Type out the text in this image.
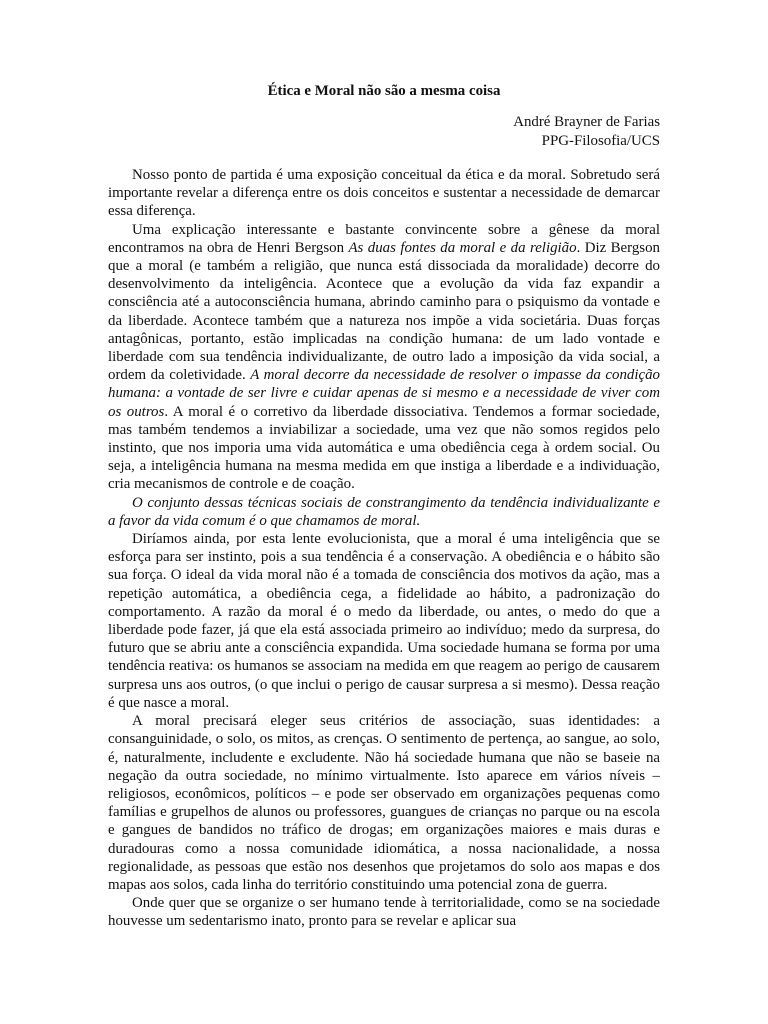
Ética e Moral não são a mesma coisa
André Brayner de Farias
PPG-Filosofia/UCS

Nosso ponto de partida é uma exposição conceitual da ética e da moral. Sobretudo será importante revelar a diferença entre os dois conceitos e sustentar a necessidade de demarcar essa diferença.

Uma explicação interessante e bastante convincente sobre a gênese da moral encontramos na obra de Henri Bergson As duas fontes da moral e da religião. Diz Bergson que a moral (e também a religião, que nunca está dissociada da moralidade) decorre do desenvolvimento da inteligência. Acontece que a evolução da vida faz expandir a consciência até a autoconsciência humana, abrindo caminho para o psiquismo da vontade e da liberdade. Acontece também que a natureza nos impõe a vida societária. Duas forças antagônicas, portanto, estão implicadas na condição humana: de um lado vontade e liberdade com sua tendência individualizante, de outro lado a imposição da vida social, a ordem da coletividade. A moral decorre da necessidade de resolver o impasse da condição humana: a vontade de ser livre e cuidar apenas de si mesmo e a necessidade de viver com os outros. A moral é o corretivo da liberdade dissociativa. Tendemos a formar sociedade, mas também tendemos a inviabilizar a sociedade, uma vez que não somos regidos pelo instinto, que nos imporia uma vida automática e uma obediência cega à ordem social. Ou seja, a inteligência humana na mesma medida em que instiga a liberdade e a individuação, cria mecanismos de controle e de coação.

O conjunto dessas técnicas sociais de constrangimento da tendência individualizante e a favor da vida comum é o que chamamos de moral.

Diríamos ainda, por esta lente evolucionista, que a moral é uma inteligência que se esforça para ser instinto, pois a sua tendência é a conservação. A obediência e o hábito são sua força. O ideal da vida moral não é a tomada de consciência dos motivos da ação, mas a repetição automática, a obediência cega, a fidelidade ao hábito, a padronização do comportamento. A razão da moral é o medo da liberdade, ou antes, o medo do que a liberdade pode fazer, já que ela está associada primeiro ao indivíduo; medo da surpresa, do futuro que se abriu ante a consciência expandida. Uma sociedade humana se forma por uma tendência reativa: os humanos se associam na medida em que reagem ao perigo de causarem surpresa uns aos outros, (o que inclui o perigo de causar surpresa a si mesmo). Dessa reação é que nasce a moral.

A moral precisará eleger seus critérios de associação, suas identidades: a consanguinidade, o solo, os mitos, as crenças. O sentimento de pertença, ao sangue, ao solo, é, naturalmente, includente e excludente. Não há sociedade humana que não se baseie na negação da outra sociedade, no mínimo virtualmente. Isto aparece em vários níveis – religiosos, econômicos, políticos – e pode ser observado em organizações pequenas como famílias e grupelhos de alunos ou professores, guangues de crianças no parque ou na escola e gangues de bandidos no tráfico de drogas; em organizações maiores e mais duras e duradouras como a nossa comunidade idiomática, a nossa nacionalidade, a nossa regionalidade, as pessoas que estão nos desenhos que projetamos do solo aos mapas e dos mapas aos solos, cada linha do território constituindo uma potencial zona de guerra.

Onde quer que se organize o ser humano tende à territorialidade, como se na sociedade houvesse um sedentarismo inato, pronto para se revelar e aplicar sua
